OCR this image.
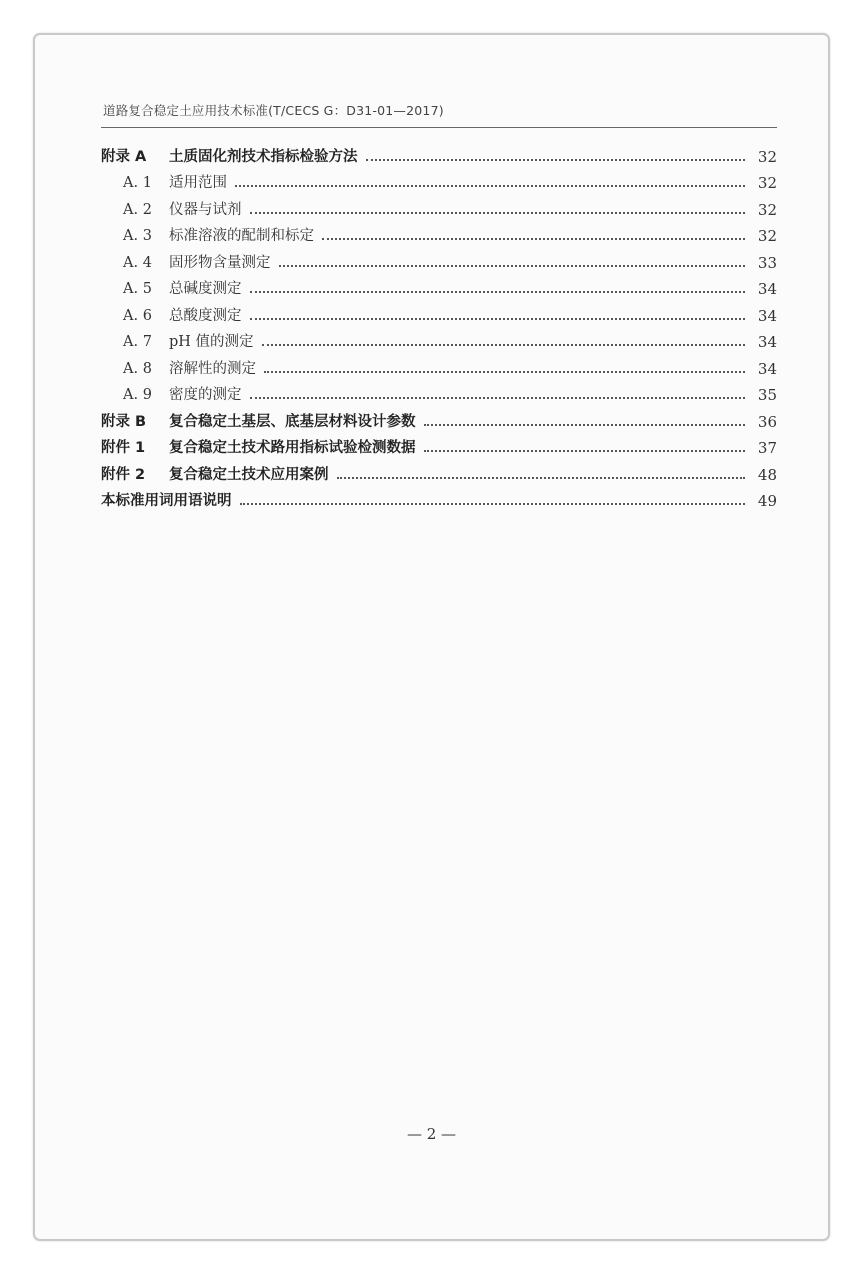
道路复合稳定土应用技术标准(T/CECS G：D31-01—2017)
附录 A	土质固化剂技术指标检验方法	32
A. 1	适用范围	32
A. 2	仪器与试剂	32
A. 3	标准溶液的配制和标定	32
A. 4	固形物含量测定	33
A. 5	总碱度测定	34
A. 6	总酸度测定	34
A. 7	pH 值的测定	34
A. 8	溶解性的测定	34
A. 9	密度的测定	35
附录 B	复合稳定土基层、底基层材料设计参数	36
附件 1	复合稳定土技术路用指标试验检测数据	37
附件 2	复合稳定土技术应用案例	48
本标准用词用语说明	49
— 2 —
